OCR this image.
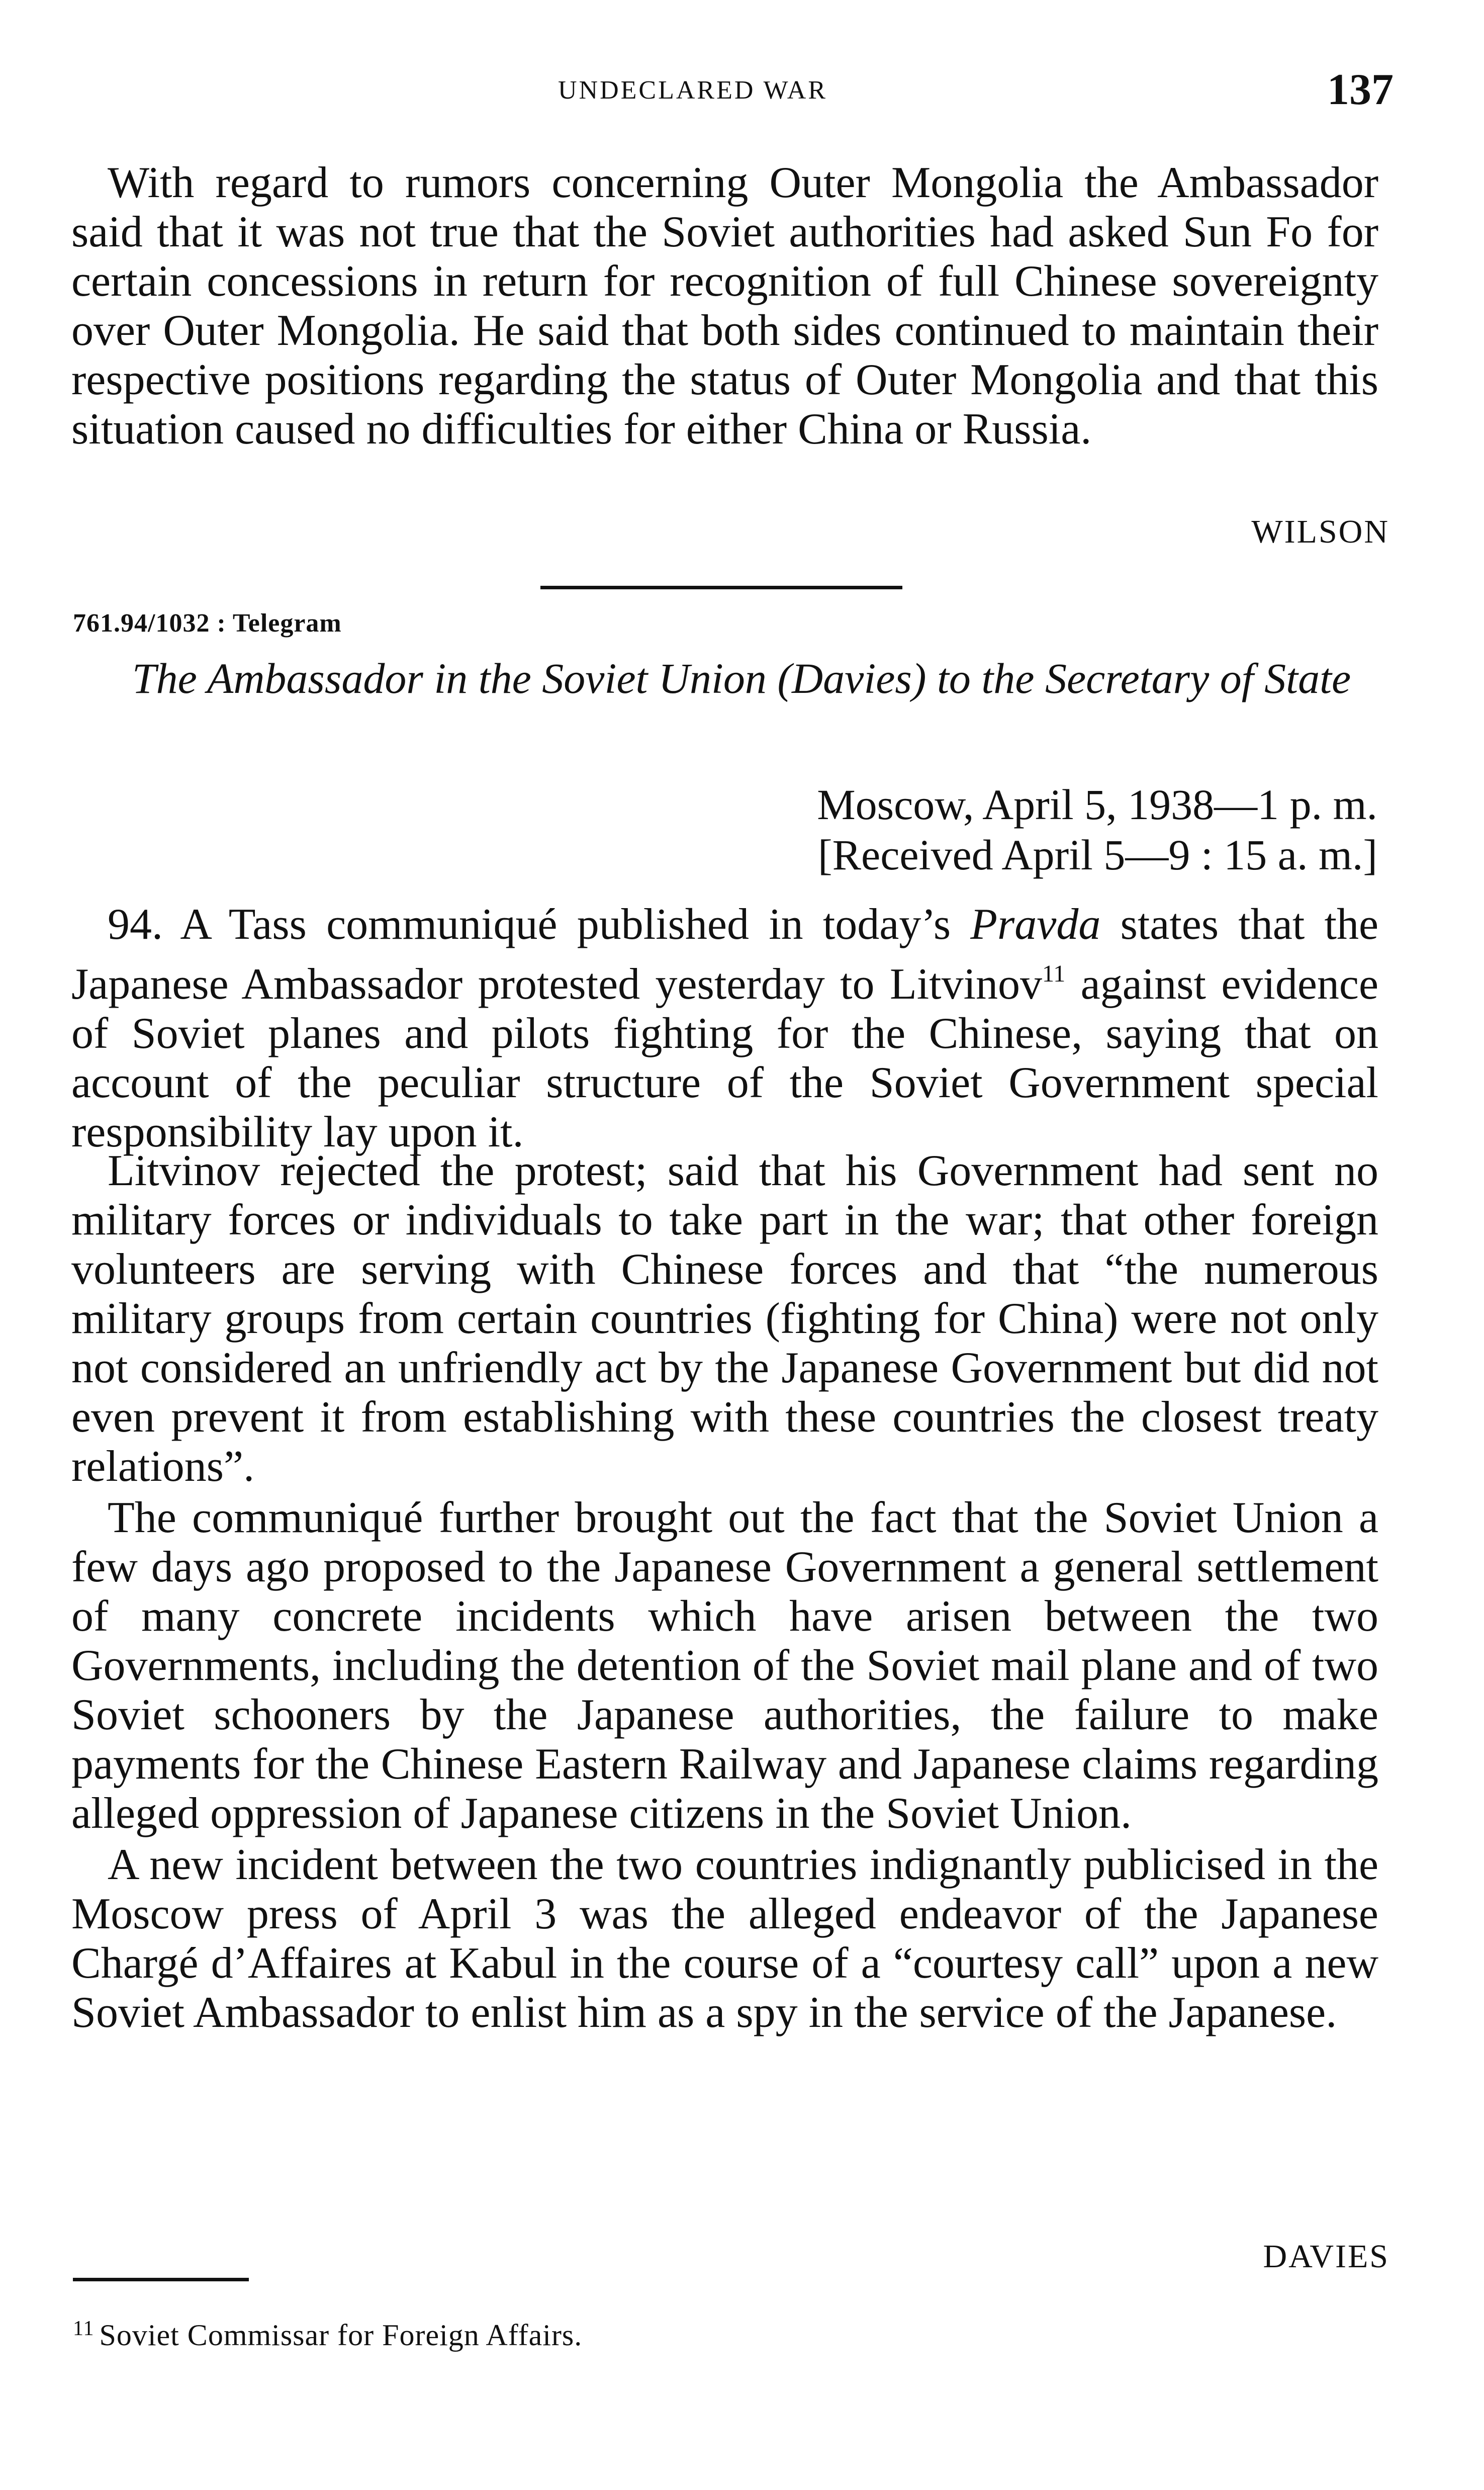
UNDECLARED WAR	137

With regard to rumors concerning Outer Mongolia the Ambassador said that it was not true that the Soviet authorities had asked Sun Fo for certain concessions in return for recognition of full Chinese sovereignty over Outer Mongolia. He said that both sides continued to maintain their respective positions regarding the status of Outer Mongolia and that this situation caused no difficulties for either China or Russia.

WILSON
761.94/1032 : Telegram

The Ambassador in the Soviet Union (Davies) to the Secretary of State

Moscow, April 5, 1938—1 p. m.
[Received April 5—9 : 15 a. m.]

94. A Tass communiqué published in today’s Pravda states that the Japanese Ambassador protested yesterday to Litvinov$^{11}$ against evidence of Soviet planes and pilots fighting for the Chinese, saying that on account of the peculiar structure of the Soviet Government special responsibility lay upon it.

Litvinov rejected the protest; said that his Government had sent no military forces or individuals to take part in the war; that other foreign volunteers are serving with Chinese forces and that “the numerous military groups from certain countries (fighting for China) were not only not considered an unfriendly act by the Japanese Government but did not even prevent it from establishing with these countries the closest treaty relations”.

The communiqué further brought out the fact that the Soviet Union a few days ago proposed to the Japanese Government a general settlement of many concrete incidents which have arisen between the two Governments, including the detention of the Soviet mail plane and of two Soviet schooners by the Japanese authorities, the failure to make payments for the Chinese Eastern Railway and Japanese claims regarding alleged oppression of Japanese citizens in the Soviet Union.

A new incident between the two countries indignantly publicised in the Moscow press of April 3 was the alleged endeavor of the Japanese Chargé d’Affaires at Kabul in the course of a “courtesy call” upon a new Soviet Ambassador to enlist him as a spy in the service of the Japanese.

DAVIES
$^{11}$ Soviet Commissar for Foreign Affairs.
